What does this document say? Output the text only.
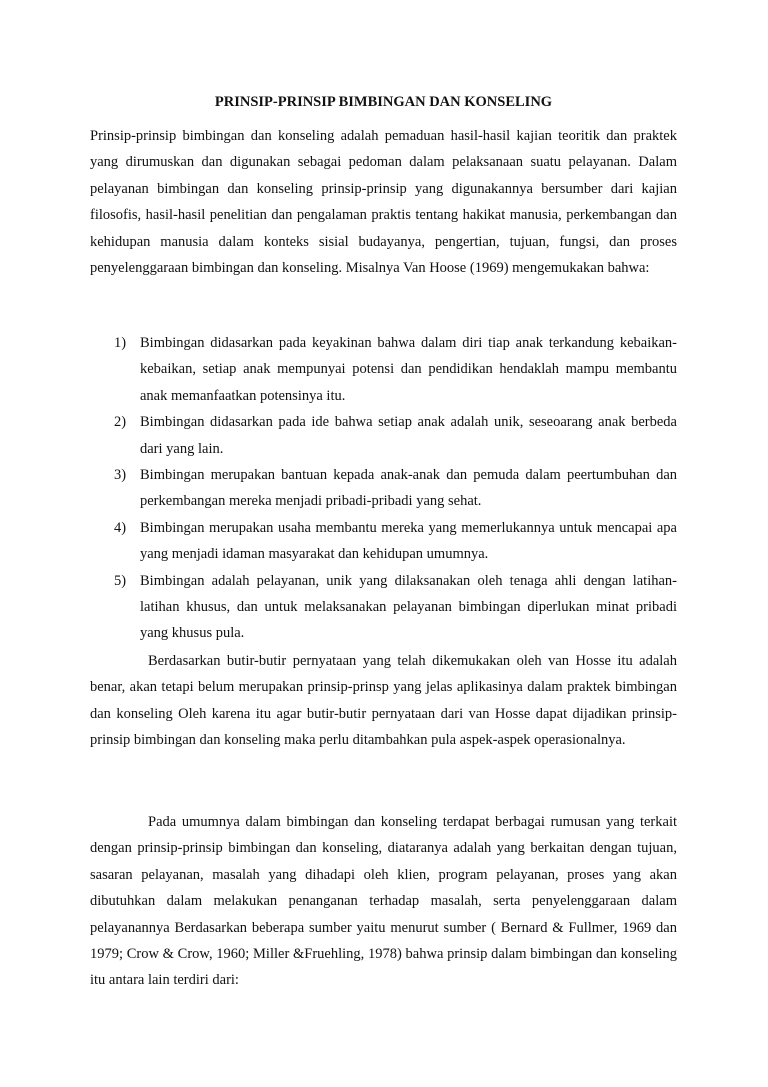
PRINSIP-PRINSIP BIMBINGAN DAN KONSELING

Prinsip-prinsip bimbingan dan konseling adalah pemaduan hasil-hasil kajian teoritik dan praktek yang dirumuskan dan digunakan sebagai pedoman dalam pelaksanaan suatu pelayanan. Dalam pelayanan bimbingan dan konseling prinsip-prinsip yang digunakannya bersumber dari kajian filosofis, hasil-hasil penelitian dan pengalaman praktis tentang hakikat manusia, perkembangan dan kehidupan manusia dalam konteks sisial budayanya, pengertian, tujuan, fungsi, dan proses penyelenggaraan bimbingan dan konseling. Misalnya Van Hoose (1969) mengemukakan bahwa:

1) Bimbingan didasarkan pada keyakinan bahwa dalam diri tiap anak terkandung kebaikan-kebaikan, setiap anak mempunyai potensi dan pendidikan hendaklah mampu membantu anak memanfaatkan potensinya itu.
2) Bimbingan didasarkan pada ide bahwa setiap anak adalah unik, seseoarang anak berbeda dari yang lain.
3) Bimbingan merupakan bantuan kepada anak-anak dan pemuda dalam peertumbuhan dan perkembangan mereka menjadi pribadi-pribadi yang sehat.
4) Bimbingan merupakan usaha membantu mereka yang memerlukannya untuk mencapai apa yang menjadi idaman masyarakat dan kehidupan umumnya.
5) Bimbingan adalah pelayanan, unik yang dilaksanakan oleh tenaga ahli dengan latihan-latihan khusus, dan untuk melaksanakan pelayanan bimbingan diperlukan minat pribadi yang khusus pula.

Berdasarkan butir-butir pernyataan yang telah dikemukakan oleh van Hosse itu adalah benar, akan tetapi belum merupakan prinsip-prinsp yang jelas aplikasinya dalam praktek bimbingan dan konseling Oleh karena itu agar butir-butir pernyataan dari van Hosse dapat dijadikan prinsip-prinsip bimbingan dan konseling maka perlu ditambahkan pula aspek-aspek operasionalnya.

Pada umumnya dalam bimbingan dan konseling terdapat berbagai rumusan yang terkait dengan prinsip-prinsip bimbingan dan konseling, diataranya adalah yang berkaitan dengan tujuan, sasaran pelayanan, masalah yang dihadapi oleh klien, program pelayanan, proses yang akan dibutuhkan dalam melakukan penanganan terhadap masalah, serta penyelenggaraan dalam pelayanannya Berdasarkan beberapa sumber yaitu menurut sumber ( Bernard & Fullmer, 1969 dan 1979; Crow & Crow, 1960; Miller &Fruehling, 1978) bahwa prinsip dalam bimbingan dan konseling itu antara lain terdiri dari:
